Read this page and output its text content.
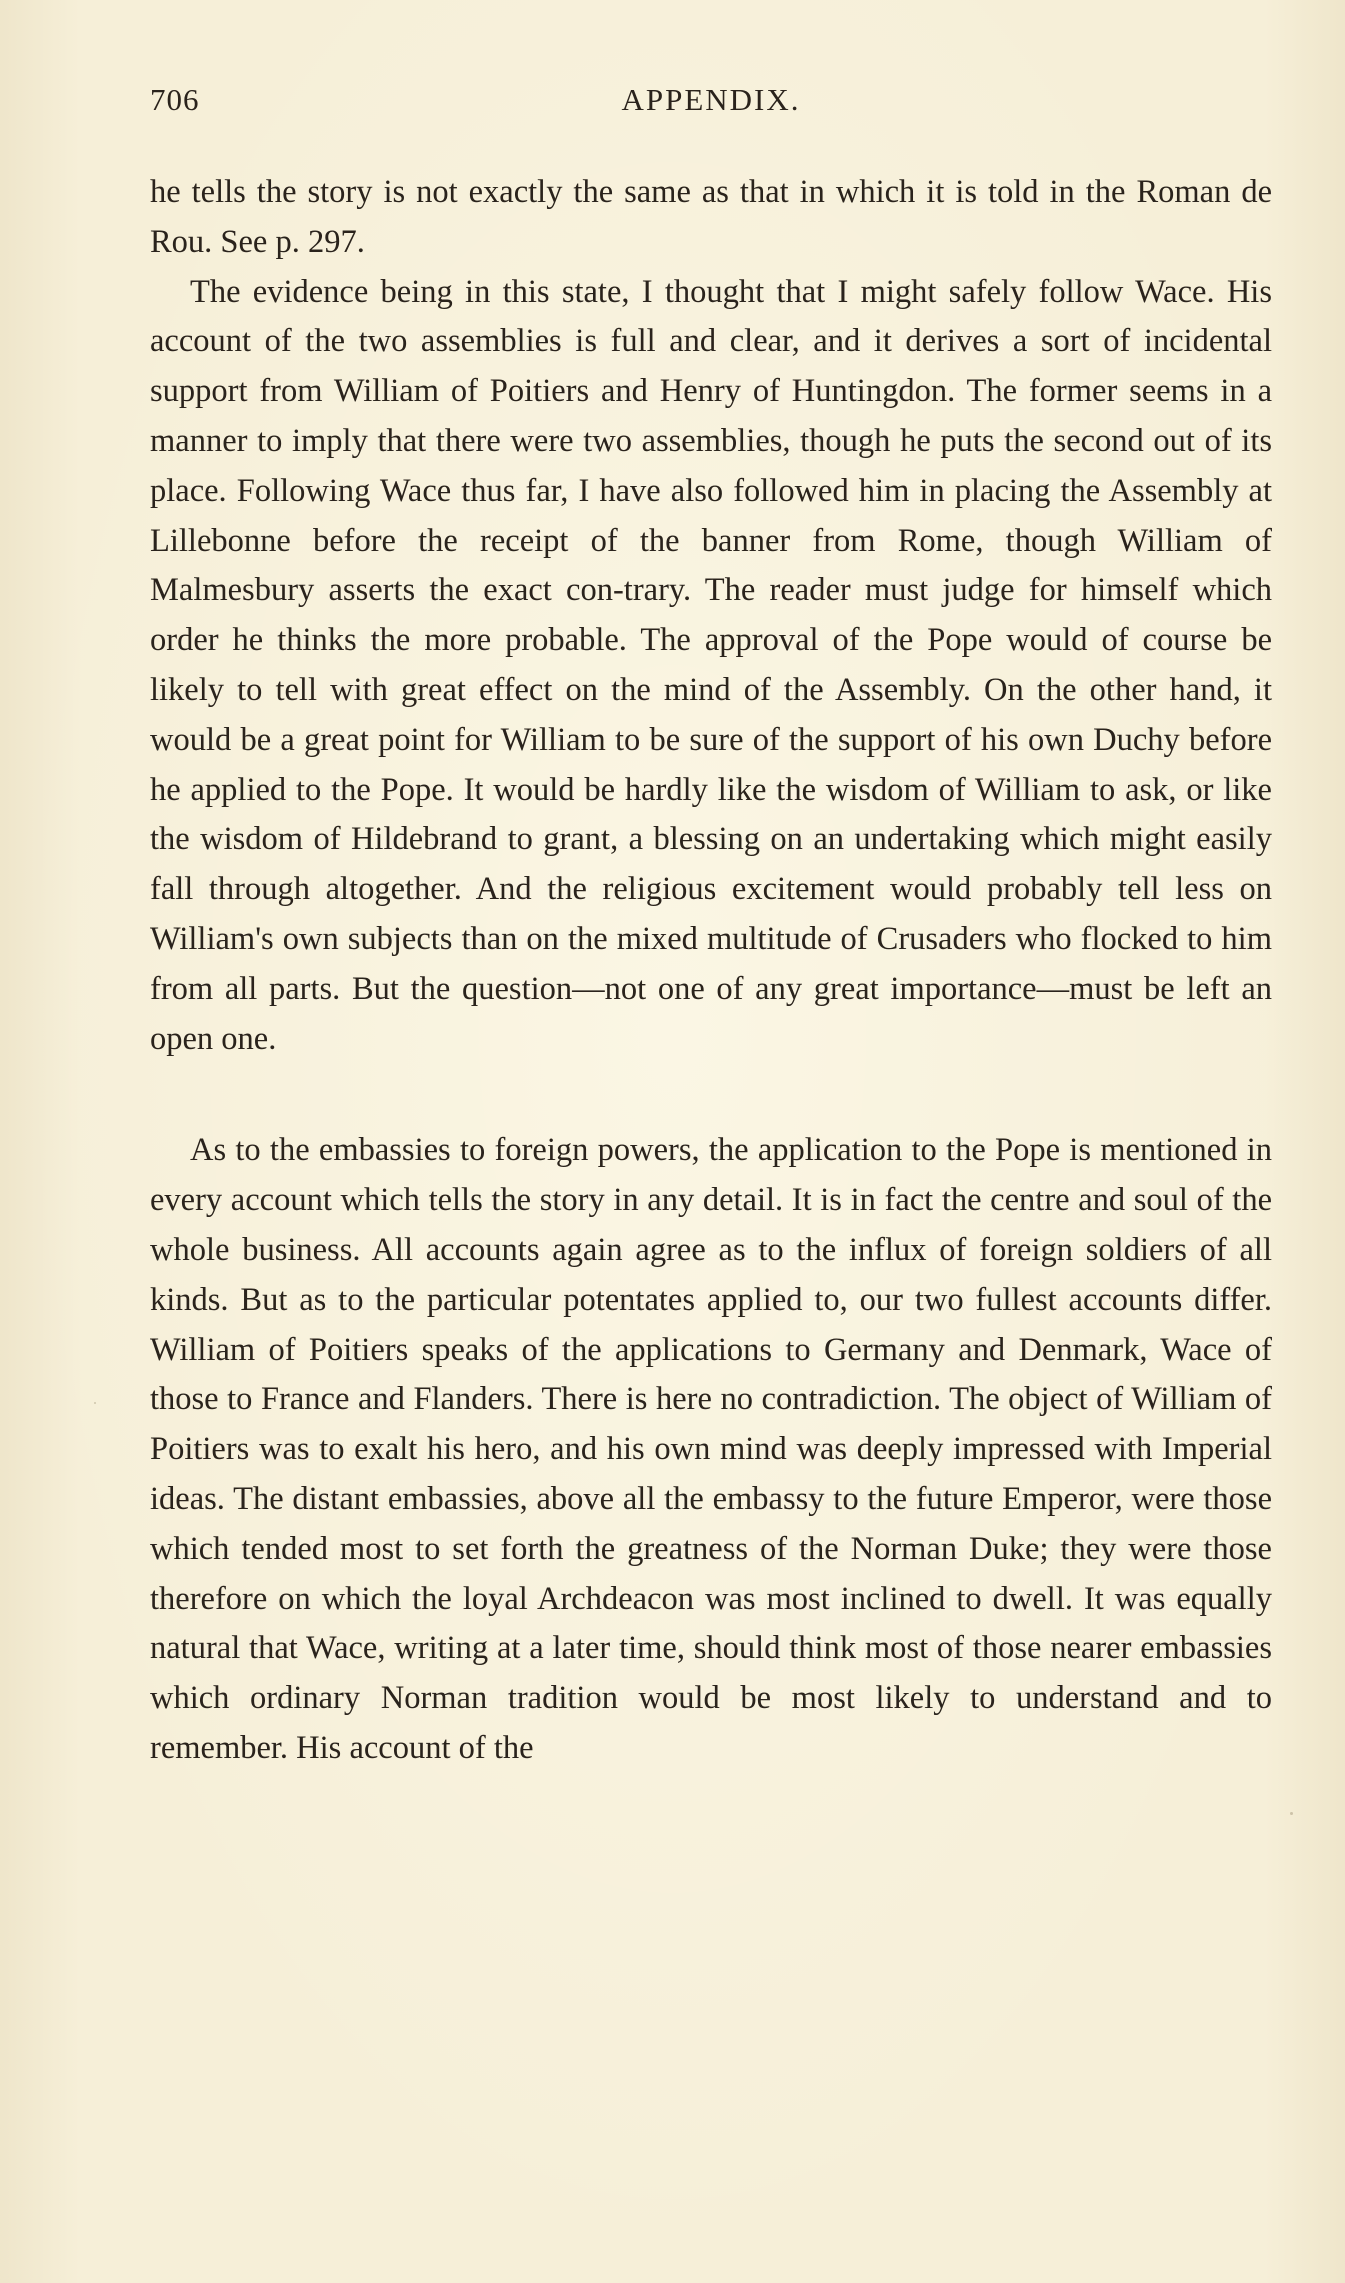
706	APPENDIX.

he tells the story is not exactly the same as that in which it is told in the Roman de Rou. See p. 297.

The evidence being in this state, I thought that I might safely follow Wace. His account of the two assemblies is full and clear, and it derives a sort of incidental support from William of Poitiers and Henry of Huntingdon. The former seems in a manner to imply that there were two assemblies, though he puts the second out of its place. Following Wace thus far, I have also followed him in placing the Assembly at Lillebonne before the receipt of the banner from Rome, though William of Malmesbury asserts the exact con-trary. The reader must judge for himself which order he thinks the more probable. The approval of the Pope would of course be likely to tell with great effect on the mind of the Assembly. On the other hand, it would be a great point for William to be sure of the support of his own Duchy before he applied to the Pope. It would be hardly like the wisdom of William to ask, or like the wisdom of Hildebrand to grant, a blessing on an undertaking which might easily fall through altogether. And the religious excitement would probably tell less on William's own subjects than on the mixed multitude of Crusaders who flocked to him from all parts. But the question—not one of any great importance—must be left an open one.

As to the embassies to foreign powers, the application to the Pope is mentioned in every account which tells the story in any detail. It is in fact the centre and soul of the whole business. All accounts again agree as to the influx of foreign soldiers of all kinds. But as to the particular potentates applied to, our two fullest accounts differ. William of Poitiers speaks of the applications to Germany and Denmark, Wace of those to France and Flanders. There is here no contradiction. The object of William of Poitiers was to exalt his hero, and his own mind was deeply impressed with Imperial ideas. The distant embassies, above all the embassy to the future Emperor, were those which tended most to set forth the greatness of the Norman Duke; they were those therefore on which the loyal Archdeacon was most inclined to dwell. It was equally natural that Wace, writing at a later time, should think most of those nearer embassies which ordinary Norman tradition would be most likely to understand and to remember. His account of the
